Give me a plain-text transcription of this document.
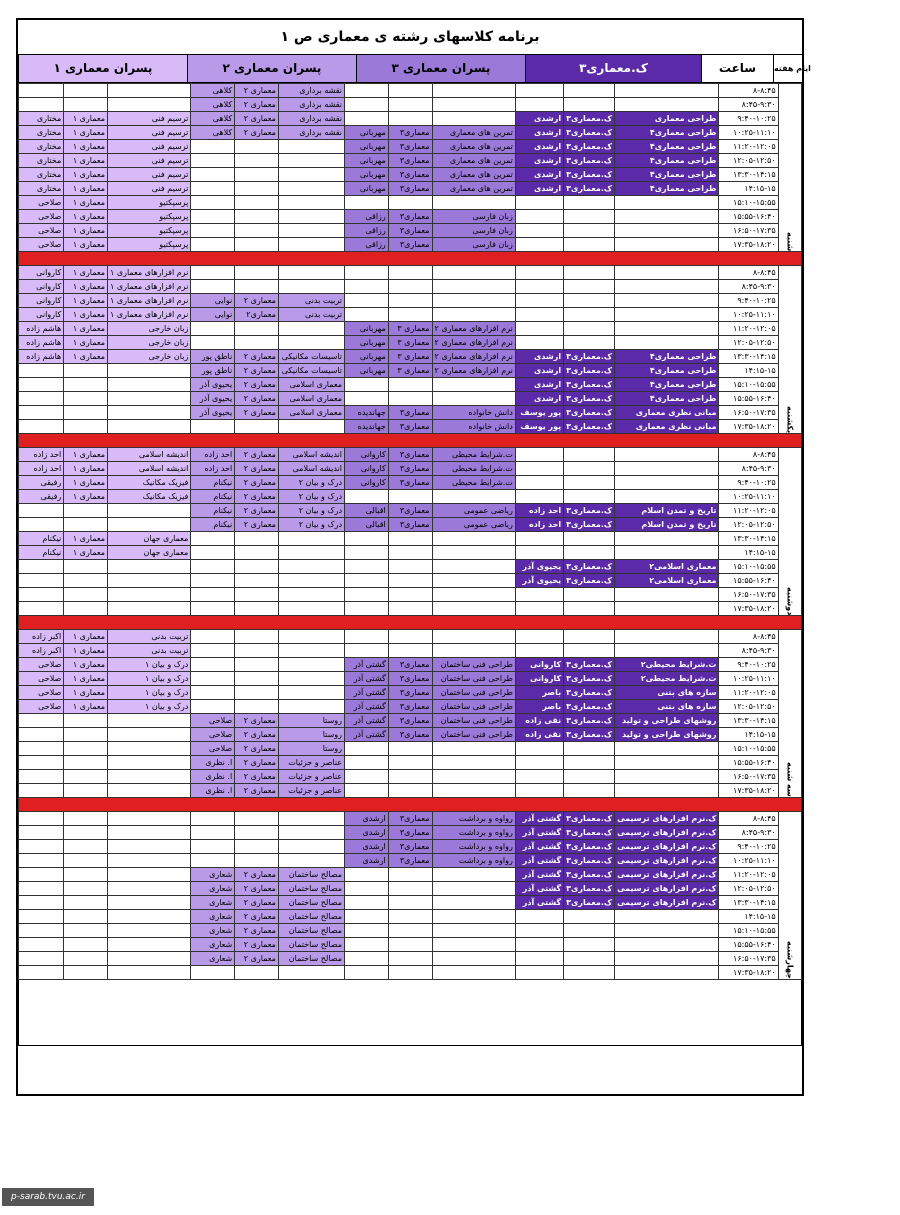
برنامه کلاسهای رشته ی معماری ص ۱
پسران معماری ۱	پسران معماری ۲	پسران معماری ۳	ک.معماری۳	ساعت	ایام هفته
			کلاهی	معماری ۲	نقشه برداری							۸-۸:۴۵	شنبه
			کلاهی	معماری ۲	نقشه برداری							۸:۴۵-۹:۳۰	
مختاری	معماری ۱	ترسیم فنی	کلاهی	معماری ۲	نقشه برداری				ارشدی	ک.معماری۳	طراحی معماری	۹:۴۰-۱۰:۲۵	
مختاری	معماری ۱	ترسیم فنی	کلاهی	معماری ۲	نقشه برداری	مهربانی	معماری۳	تمرین های معماری	ارشدی	ک.معماری۳	طراحی معماری۴	۱۰:۲۵-۱۱:۱۰	
مختاری	معماری ۱	ترسیم فنی				مهربانی	معماری۳	تمرین های معماری	ارشدی	ک.معماری۳	طراحی معماری۴	۱۱:۲۰-۱۲:۰۵	
مختاری	معماری ۱	ترسیم فنی				مهربانی	معماری۳	تمرین های معماری	ارشدی	ک.معماری۳	طراحی معماری۴	۱۲:۰۵-۱۲:۵۰	
مختاری	معماری ۱	ترسیم فنی				مهربانی	معماری۳	تمرین های معماری	ارشدی	ک.معماری۳	طراحی معماری۴	۱۳:۳۰-۱۴:۱۵	
مختاری	معماری ۱	ترسیم فنی				مهربانی	معماری۳	تمرین های معماری	ارشدی	ک.معماری۳	طراحی معماری۴	۱۴:۱۵-۱۵	
صلاحی	معماری ۱	پرسپکتیو										۱۵:۱۰-۱۵:۵۵	
صلاحی	معماری ۱	پرسپکتیو				رزاقی	معماری۳	زبان فارسی				۱۵:۵۵-۱۶:۴۰	
صلاحی	معماری ۱	پرسپکتیو				رزاقی	معماری۳	زبان فارسی				۱۶:۵۰-۱۷:۳۵	
صلاحی	معماری ۱	پرسپکتیو				رزاقی	معماری۳	زبان فارسی				۱۷:۳۵-۱۸:۲۰	

کاروانی	معماری ۱	نرم افزارهای معماری ۱										۸-۸:۴۵	یکشنبه
کاروانی	معماری ۱	نرم افزارهای معماری ۱										۸:۴۵-۹:۳۰	
کاروانی	معماری ۱	نرم افزارهای معماری ۱	نوایی	معماری ۲	تربیت بدنی							۹:۴۰-۱۰:۲۵	
کاروانی	معماری ۱	نرم افزارهای معماری ۱	نوایی	معماری۲	تربیت بدنی							۱۰:۲۵-۱۱:۱۰	
هاشم زاده	معماری ۱	زبان خارجی				مهربانی	معماری ۳	نرم افزارهای معماری ۲				۱۱:۲۰-۱۲:۰۵	
هاشم زاده	معماری ۱	زبان خارجی				مهربانی	معماری ۳	نرم افزارهای معماری ۲				۱۲:۰۵-۱۲:۵۰	
هاشم زاده	معماری ۱	زبان خارجی	ناطق پور	معماری ۲	تاسیسات مکانیکی	مهربانی	معماری ۳	نرم افزارهای معماری ۲	ارشدی	ک.معماری۳	طراحی معماری۴	۱۳:۳۰-۱۴:۱۵	
			ناطق پور	معماری ۲	تاسیسات مکانیکی	مهربانی	معماری ۳	نرم افزارهای معماری ۲	ارشدی	ک.معماری۳	طراحی معماری۴	۱۴:۱۵-۱۵	
			یحیوی آذر	معماری ۲	معماری اسلامی				ارشدی	ک.معماری۳	طراحی معماری۴	۱۵:۱۰-۱۵:۵۵	
			یحیوی آذر	معماری ۲	معماری اسلامی				ارشدی	ک.معماری۳	طراحی معماری۴	۱۵:۵۵-۱۶:۴۰	
			یحیوی آذر	معماری ۲	معماری اسلامی	جهاندیده	معماری۳	دانش خانواده	پور یوسف	ک.معماری۳	مبانی نظری معماری	۱۶:۵۰-۱۷:۳۵	
						جهاندیده	معماری۳	دانش خانواده	پور یوسف	ک.معماری۳	مبانی نظری معماری	۱۷:۳۵-۱۸:۲۰	

احد زاده	معماری ۱	اندیشه اسلامی	احد زاده	معماری ۲	اندیشه اسلامی	کاروانی	معماری۳	ت.شرایط محیطی				۸-۸:۴۵	دوشنبه
احد زاده	معماری ۱	اندیشه اسلامی	احد زاده	معماری ۲	اندیشه اسلامی	کاروانی	معماری۳	ت.شرایط محیطی				۸:۴۵-۹:۳۰	
رفیقی	معماری ۱	فیزیک مکانیک	نیکنام	معماری ۲	درک و بیان ۲	کاروانی	معماری۳	ت.شرایط محیطی				۹:۴۰-۱۰:۲۵	
رفیقی	معماری ۱	فیزیک مکانیک	نیکنام	معماری ۲	درک و بیان ۲							۱۰:۲۵-۱۱:۱۰	
			نیکنام	معماری ۲	درک و بیان ۲	اقبالی	معماری۳	ریاضی عمومی	احد زاده	ک.معماری۳	تاریخ و تمدن اسلام	۱۱:۲۰-۱۲:۰۵	
			نیکنام	معماری ۲	درک و بیان ۲	اقبالی	معماری۳	ریاضی عمومی	احد زاده	ک.معماری۳	تاریخ و تمدن اسلام	۱۲:۰۵-۱۲:۵۰	
نیکنام	معماری ۱	معماری جهان										۱۳:۳۰-۱۴:۱۵	
نیکنام	معماری ۱	معماری جهان										۱۴:۱۵-۱۵	
									یحیوی آذر	ک.معماری۳	معماری اسلامی۲	۱۵:۱۰-۱۵:۵۵	
									یحیوی آذر	ک.معماری۳	معماری اسلامی۲	۱۵:۵۵-۱۶:۴۰	
												۱۶:۵۰-۱۷:۳۵	
												۱۷:۳۵-۱۸:۲۰	

اکبر زاده	معماری ۱	تربیت بدنی										۸-۸:۴۵	سه شنبه
اکبر زاده	معماری ۱	تربیت بدنی										۸:۴۵-۹:۳۰	
صلاحی	معماری ۱	درک و بیان ۱				گشتی آذر	معماری۳	طراحی فنی ساختمان	کاروانی	ک.معماری۳	ت.شرایط محیطی۲	۹:۴۰-۱۰:۲۵	
صلاحی	معماری ۱	درک و بیان ۱				گشتی آذر	معماری۳	طراحی فنی ساختمان	کاروانی	ک.معماری۳	ت.شرایط محیطی۲	۱۰:۲۵-۱۱:۱۰	
صلاحی	معماری ۱	درک و بیان ۱				گشتی آذر	معماری۳	طراحی فنی ساختمان	باصر	ک.معماری۳	سازه های بتنی	۱۱:۲۰-۱۲:۰۵	
صلاحی	معماری ۱	درک و بیان ۱				گشتی آذر	معماری۳	طراحی فنی ساختمان	باصر	ک.معماری۳	سازه های بتنی	۱۲:۰۵-۱۲:۵۰	
			صلاحی	معماری ۲	روستا	گشتی آذر	معماری۳	طراحی فنی ساختمان	نقی زاده	ک.معماری۳	روشهای طراحی و تولید	۱۳:۳۰-۱۴:۱۵	
			صلاحی	معماری ۲	روستا	گشتی آذر	معماری۳	طراحی فنی ساختمان	نقی زاده	ک.معماری۳	روشهای طراحی و تولید	۱۴:۱۵-۱۵	
			صلاحی	معماری ۲	روستا							۱۵:۱۰-۱۵:۵۵	
			ا. نظری	معماری ۲	عناصر و جزئیات							۱۵:۵۵-۱۶:۴۰	
			ا. نظری	معماری ۲	عناصر و جزئیات							۱۶:۵۰-۱۷:۳۵	
			ا. نظری	معماری ۲	عناصر و جزئیات							۱۷:۳۵-۱۸:۲۰	

						ارشدی	معماری۳	رواوه و برداشت	گشتی آذر	ک.معماری۳	ک.نرم افزارهای ترسیمی	۸-۸:۴۵	چهارشنبه
						ارشدی	معماری۳	رواوه و برداشت	گشتی آذر	ک.معماری۳	ک.نرم افزارهای ترسیمی	۸:۴۵-۹:۳۰	
						ارشدی	معماری۳	رواوه و برداشت	گشتی آذر	ک.معماری۳	ک.نرم افزارهای ترسیمی	۹:۴۰-۱۰:۲۵	
						ارشدی	معماری۳	رواوه و برداشت	گشتی آذر	ک.معماری۳	ک.نرم افزارهای ترسیمی	۱۰:۲۵-۱۱:۱۰	
			شعاری	معماری ۲	مصالح ساختمان				گشتی آذر	ک.معماری۳	ک.نرم افزارهای ترسیمی	۱۱:۲۰-۱۲:۰۵	
			شعاری	معماری ۲	مصالح ساختمان				گشتی آذر	ک.معماری۳	ک.نرم افزارهای ترسیمی	۱۲:۰۵-۱۲:۵۰	
			شعاری	معماری ۲	مصالح ساختمان				گشتی آذر	ک.معماری۳	ک.نرم افزارهای ترسیمی	۱۳:۳۰-۱۴:۱۵	
			شعاری	معماری ۲	مصالح ساختمان							۱۴:۱۵-۱۵	
			شعاری	معماری ۲	مصالح ساختمان							۱۵:۱۰-۱۵:۵۵	
			شعاری	معماری ۲	مصالح ساختمان							۱۵:۵۵-۱۶:۴۰	
			شعاری	معماری ۲	مصالح ساختمان							۱۶:۵۰-۱۷:۳۵	
												۱۷:۳۵-۱۸:۲۰	

p-sarab.tvu.ac.ir
